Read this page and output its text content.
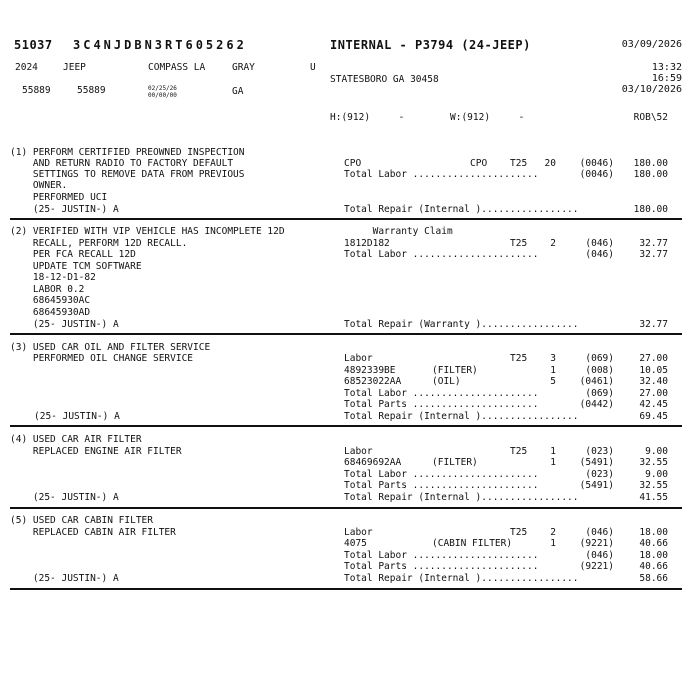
51037 3C4NJDBN3RT605262	INTERNAL - P3794 (24-JEEP)	03/09/2026
2024	JEEP	COMPASS LA	GRAY	U	13:32
16:59
03/10/2026
STATESBORO GA 30458
55889	55889	02/25/26
00/00/00	GA
H:(912)     -	W:(912)     -	ROB\52
(1) PERFORM CERTIFIED PREOWNED INSPECTION
AND RETURN RADIO TO FACTORY DEFAULT
SETTINGS TO REMOVE DATA FROM PREVIOUS
OWNER.
PERFORMED UCI
(25- JUSTIN-) A
CPO	CPO T25	20	(0046)	180.00
Total Labor ......................	(0046)	180.00
Total Repair (Internal ).................	180.00
(2) VERIFIED WITH VIP VEHICLE HAS INCOMPLETE 12D
RECALL, PERFORM 12D RECALL.
PER FCA RECALL 12D
UPDATE TCM SOFTWARE
18-12-D1-82
LABOR 0.2
68645930AC
68645930AD
(25- JUSTIN-) A
Warranty Claim
1812D182	T25	2	(046)	32.77
Total Labor ......................	(046)	32.77
Total Repair (Warranty ).................	32.77
(3) USED CAR OIL AND FILTER SERVICE
PERFORMED OIL CHANGE SERVICE
(25- JUSTIN-) A
Labor	T25	3	(069)	27.00
4892339BE	(FILTER)	1	(008)	10.05
68523022AA	(OIL)	5	(0461)	32.40
Total Labor ......................	(069)	27.00
Total Parts ......................	(0442)	42.45
Total Repair (Internal ).................	69.45
(4) USED CAR AIR FILTER
REPLACED ENGINE AIR FILTER
(25- JUSTIN-) A
Labor	T25	1	(023)	9.00
68469692AA	(FILTER)	1	(5491)	32.55
Total Labor ......................	(023)	9.00
Total Parts ......................	(5491)	32.55
Total Repair (Internal ).................	41.55
(5) USED CAR CABIN FILTER
REPLACED CABIN AIR FILTER
(25- JUSTIN-) A
Labor	T25	2	(046)	18.00
4075	(CABIN FILTER)	1	(9221)	40.66
Total Labor ......................	(046)	18.00
Total Parts ......................	(9221)	40.66
Total Repair (Internal ).................	58.66
